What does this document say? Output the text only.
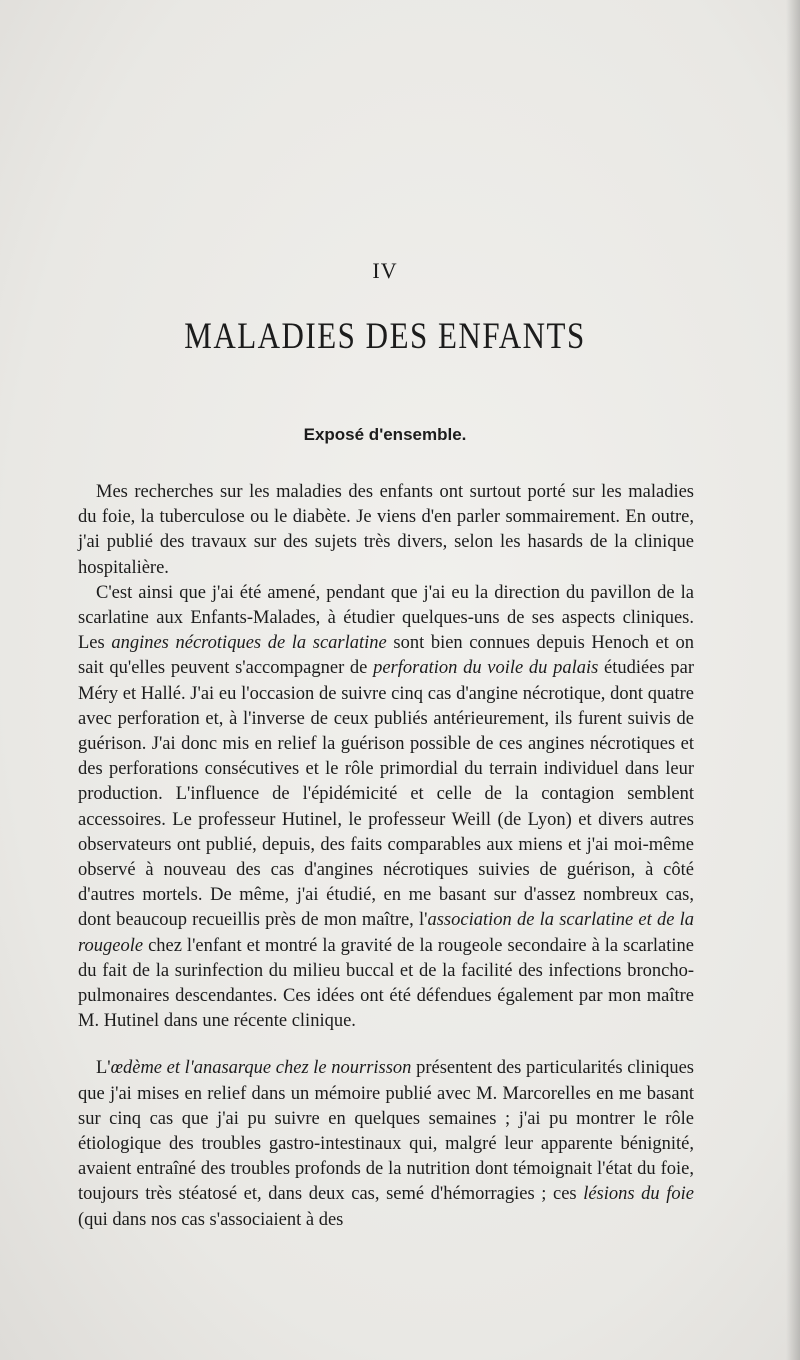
IV
MALADIES DES ENFANTS
Exposé d'ensemble.

Mes recherches sur les maladies des enfants ont surtout porté sur les maladies du foie, la tuberculose ou le diabète. Je viens d'en parler sommairement. En outre, j'ai publié des travaux sur des sujets très divers, selon les hasards de la clinique hospitalière.

C'est ainsi que j'ai été amené, pendant que j'ai eu la direction du pavillon de la scarlatine aux Enfants-Malades, à étudier quelques-uns de ses aspects cliniques. Les angines nécrotiques de la scarlatine sont bien connues depuis Henoch et on sait qu'elles peuvent s'accompagner de perforation du voile du palais étudiées par Méry et Hallé. J'ai eu l'occasion de suivre cinq cas d'angine nécrotique, dont quatre avec perforation et, à l'inverse de ceux publiés antérieurement, ils furent suivis de guérison. J'ai donc mis en relief la guérison possible de ces angines nécrotiques et des perforations consécutives et le rôle primordial du terrain individuel dans leur production. L'influence de l'épidémicité et celle de la contagion semblent accessoires. Le professeur Hutinel, le professeur Weill (de Lyon) et divers autres observateurs ont publié, depuis, des faits comparables aux miens et j'ai moi-même observé à nouveau des cas d'angines nécrotiques suivies de guérison, à côté d'autres mortels. De même, j'ai étudié, en me basant sur d'assez nombreux cas, dont beaucoup recueillis près de mon maître, l'association de la scarlatine et de la rougeole chez l'enfant et montré la gravité de la rougeole secondaire à la scarlatine du fait de la surinfection du milieu buccal et de la facilité des infections broncho-pulmonaires descendantes. Ces idées ont été défendues également par mon maître M. Hutinel dans une récente clinique.

L'œdème et l'anasarque chez le nourrisson présentent des particularités cliniques que j'ai mises en relief dans un mémoire publié avec M. Marcorelles en me basant sur cinq cas que j'ai pu suivre en quelques semaines ; j'ai pu montrer le rôle étiologique des troubles gastro-intestinaux qui, malgré leur apparente bénignité, avaient entraîné des troubles profonds de la nutrition dont témoignait l'état du foie, toujours très stéatosé et, dans deux cas, semé d'hémorragies ; ces lésions du foie (qui dans nos cas s'associaient à des
